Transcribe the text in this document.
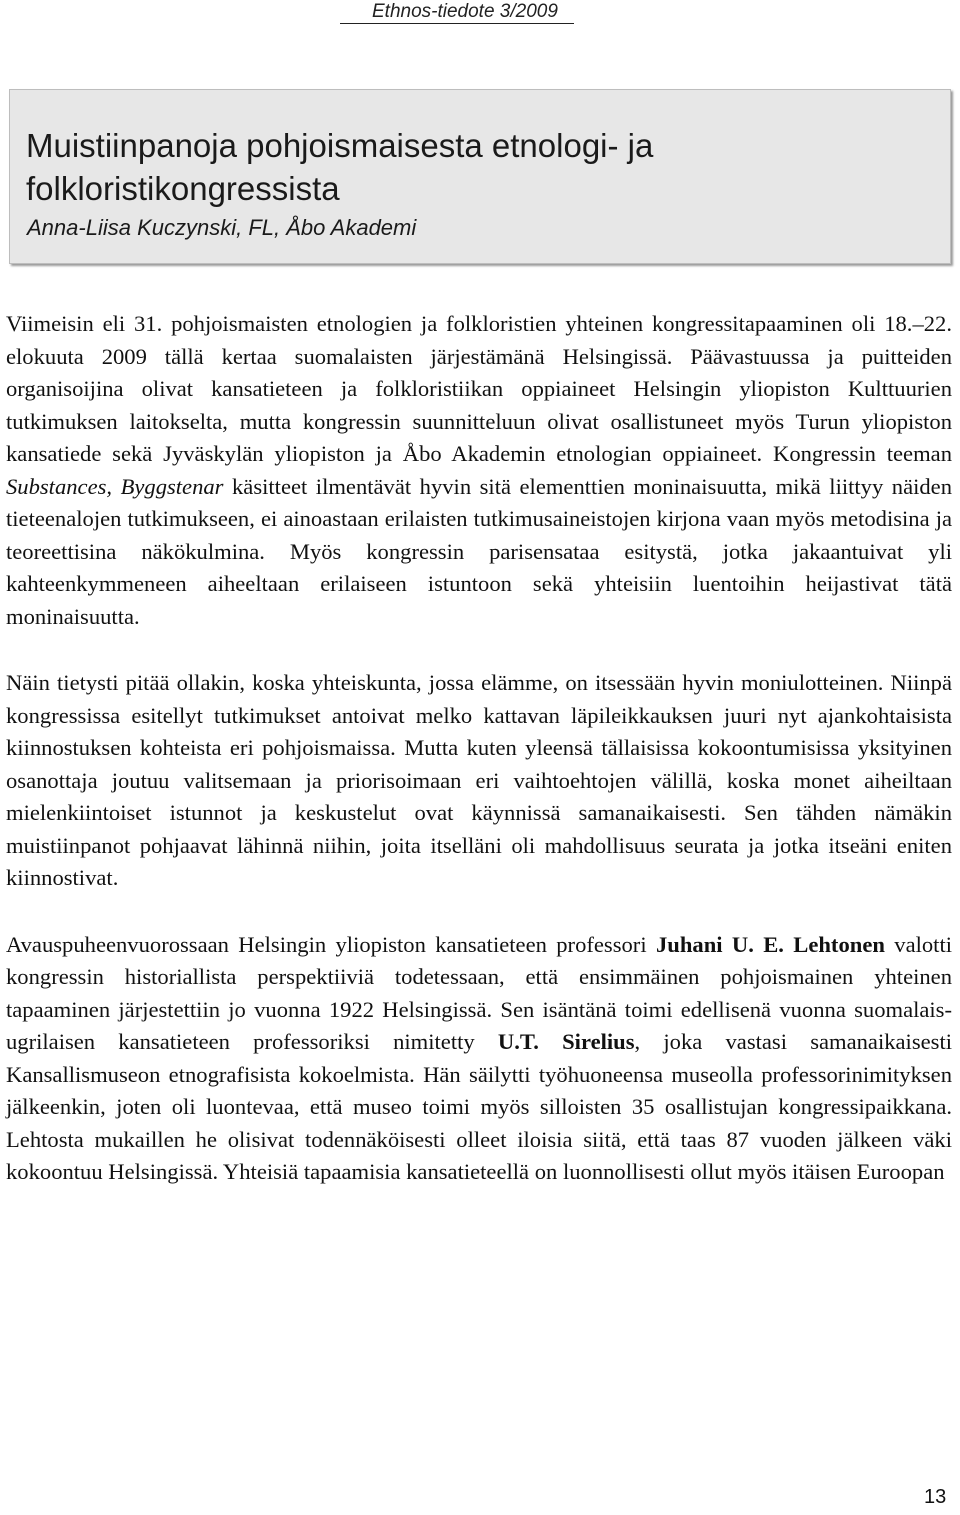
Ethnos-tiedote 3/2009
Muistiinpanoja pohjoismaisesta etnologi- ja folkloristikongressista
Anna-Liisa Kuczynski, FL, Åbo Akademi

Viimeisin eli 31. pohjoismaisten etnologien ja folkloristien yhteinen kongressitapaaminen oli 18.–22. elokuuta 2009 tällä kertaa suomalaisten järjestämänä Helsingissä. Päävastuussa ja puitteiden organisoijina olivat kansatieteen ja folkloristiikan oppiaineet Helsingin yliopiston Kulttuurien tutkimuksen laitokselta, mutta kongressin suunnitteluun olivat osallistuneet myös Turun yliopiston kansatiede sekä Jyväskylän yliopiston ja Åbo Akademin etnologian oppiaineet. Kongressin teeman Substances, Byggstenar käsitteet ilmentävät hyvin sitä elementtien moninaisuutta, mikä liittyy näiden tieteenalojen tutkimukseen, ei ainoastaan erilaisten tutkimusaineistojen kirjona vaan myös metodisina ja teoreettisina näkökulmina. Myös kongressin parisensataa esitystä, jotka jakaantuivat yli kahteenkymmeneen aiheeltaan erilaiseen istuntoon sekä yhteisiin luentoihin heijastivat tätä moninaisuutta.

Näin tietysti pitää ollakin, koska yhteiskunta, jossa elämme, on itsessään hyvin moniulotteinen. Niinpä kongressissa esitellyt tutkimukset antoivat melko kattavan läpileikkauksen juuri nyt ajankohtaisista kiinnostuksen kohteista eri pohjoismaissa. Mutta kuten yleensä tällaisissa kokoontumisissa yksityinen osanottaja joutuu valitsemaan ja priorisoimaan eri vaihtoehtojen välillä, koska monet aiheiltaan mielenkiintoiset istunnot ja keskustelut ovat käynnissä samanaikaisesti. Sen tähden nämäkin muistiinpanot pohjaavat lähinnä niihin, joita itselläni oli mahdollisuus seurata ja jotka itseäni eniten kiinnostivat.

Avauspuheenvuorossaan Helsingin yliopiston kansatieteen professori Juhani U. E. Lehtonen valotti kongressin historiallista perspektiiviä todetessaan, että ensimmäinen pohjoismainen yhteinen tapaaminen järjestettiin jo vuonna 1922 Helsingissä. Sen isäntänä toimi edellisenä vuonna suomalais-ugrilaisen kansatieteen professoriksi nimitetty U.T. Sirelius, joka vastasi samanaikaisesti Kansallismuseon etnografisista kokoelmista. Hän säilytti työhuoneensa museolla professorinimityksen jälkeenkin, joten oli luontevaa, että museo toimi myös silloisten 35 osallistujan kongressipaikkana. Lehtosta mukaillen he olisivat todennäköisesti olleet iloisia siitä, että taas 87 vuoden jälkeen väki kokoontuu Helsingissä. Yhteisiä tapaamisia kansatieteellä on luonnollisesti ollut myös itäisen Euroopan

13
